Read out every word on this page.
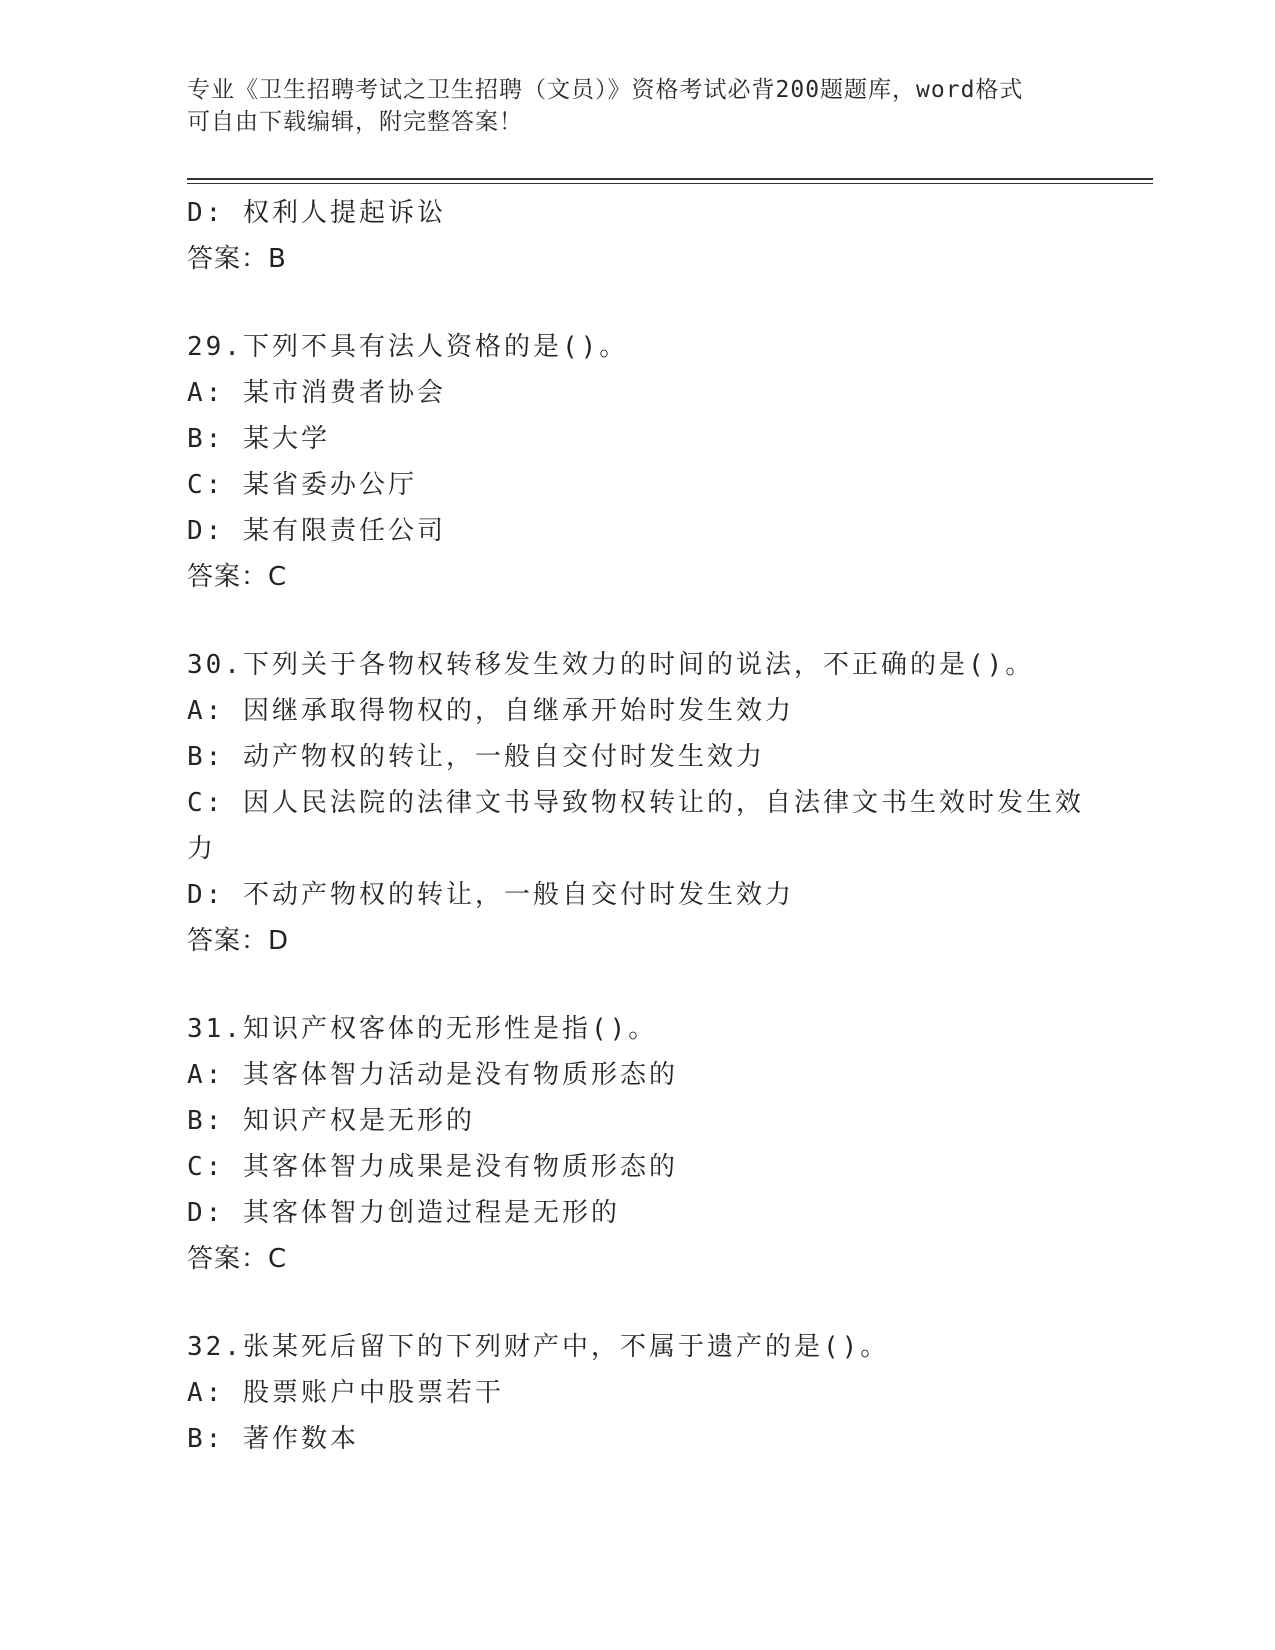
专业《卫生招聘考试之卫生招聘（文员）》资格考试必背200题题库，word格式
可自由下载编辑，附完整答案！
D: 权利人提起诉讼
答案：B
29.下列不具有法人资格的是()。
A: 某市消费者协会
B: 某大学
C: 某省委办公厅
D: 某有限责任公司
答案：C
30.下列关于各物权转移发生效力的时间的说法，不正确的是()。
A: 因继承取得物权的，自继承开始时发生效力
B: 动产物权的转让，一般自交付时发生效力
C: 因人民法院的法律文书导致物权转让的，自法律文书生效时发生效力
D: 不动产物权的转让，一般自交付时发生效力
答案：D
31.知识产权客体的无形性是指()。
A: 其客体智力活动是没有物质形态的
B: 知识产权是无形的
C: 其客体智力成果是没有物质形态的
D: 其客体智力创造过程是无形的
答案：C
32.张某死后留下的下列财产中，不属于遗产的是()。
A: 股票账户中股票若干
B: 著作数本
